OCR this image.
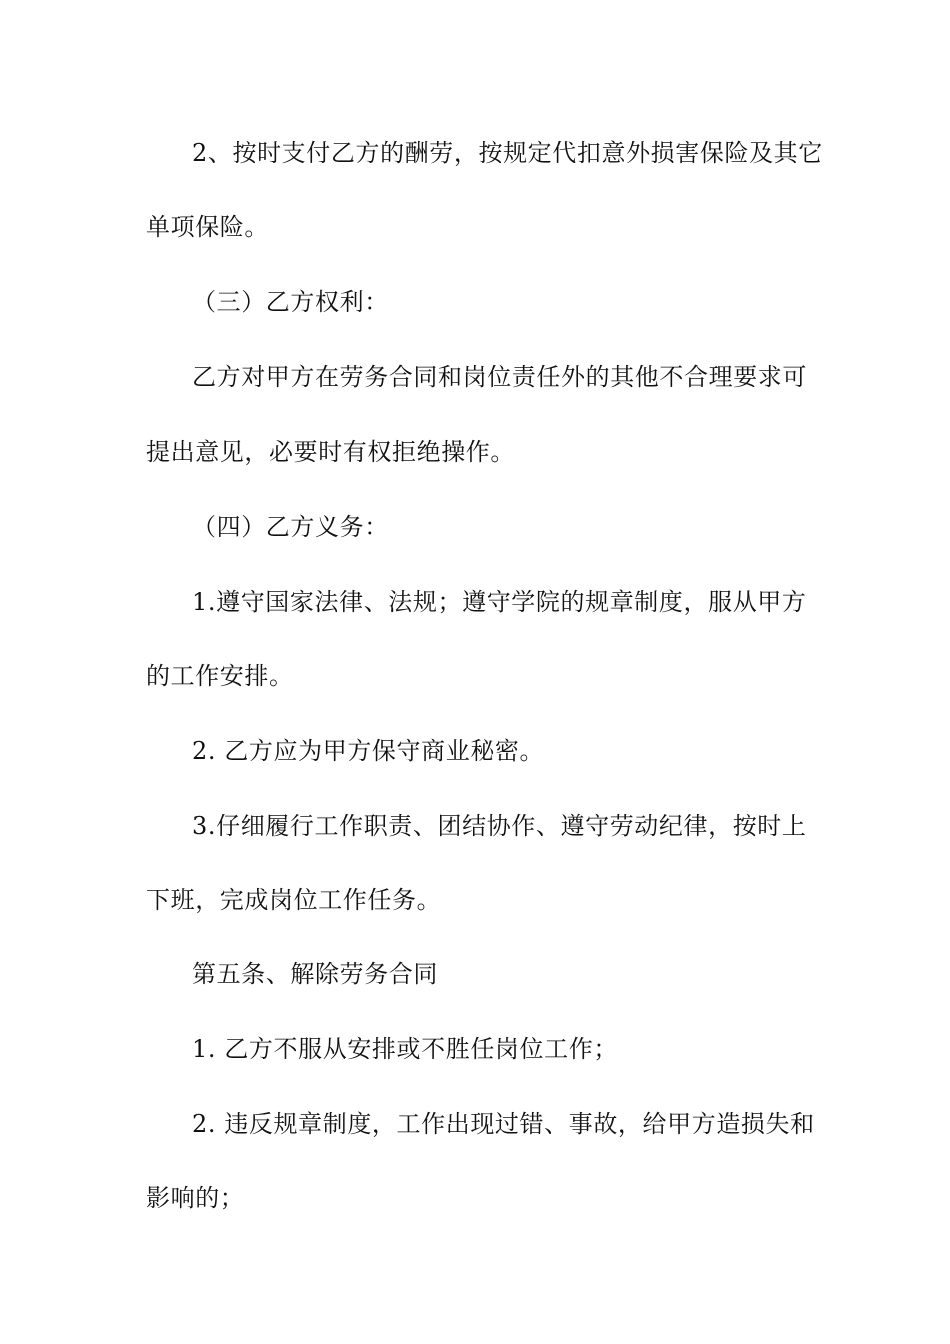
2、按时支付乙方的酬劳，按规定代扣意外损害保险及其它
单项保险。
（三）乙方权利：
乙方对甲方在劳务合同和岗位责任外的其他不合理要求可
提出意见，必要时有权拒绝操作。
（四）乙方义务：
1.遵守国家法律、法规；遵守学院的规章制度，服从甲方
的工作安排。
2. 乙方应为甲方保守商业秘密。
3.仔细履行工作职责、团结协作、遵守劳动纪律，按时上
下班，完成岗位工作任务。
第五条、解除劳务合同
1. 乙方不服从安排或不胜任岗位工作；
2. 违反规章制度，工作出现过错、事故，给甲方造损失和
影响的；
